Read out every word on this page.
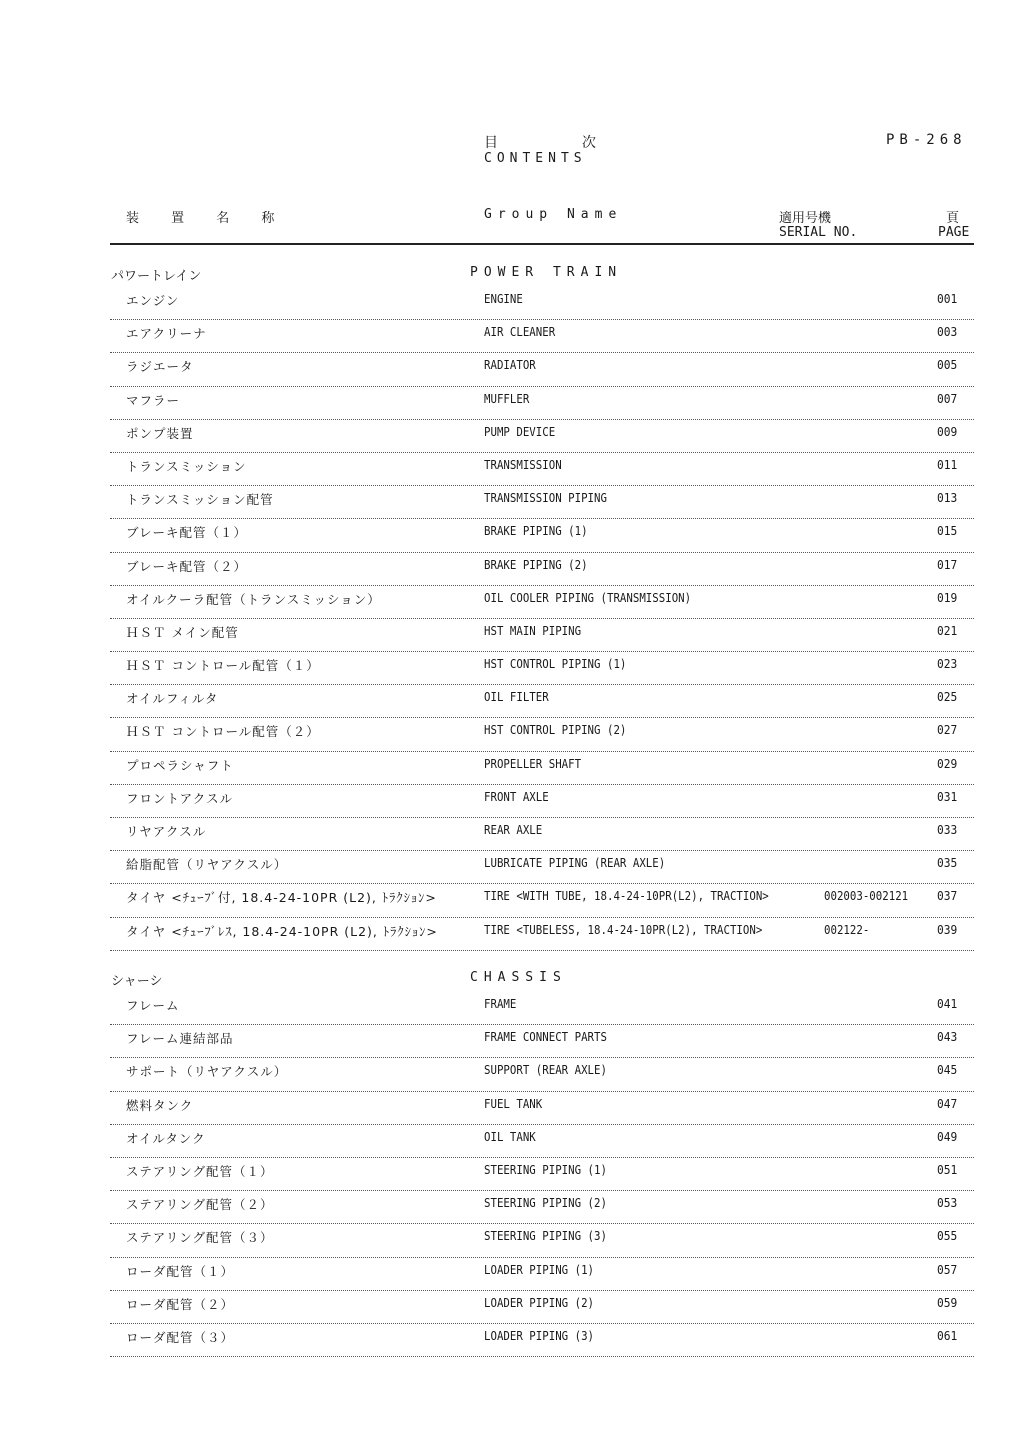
目	次
CONTENTS
PB-268
装 置 名 称	Group Name	適用号機
SERIAL NO.
頁
PAGE
パワートレイン	POWER TRAIN
エンジン	ENGINE	001
エアクリーナ	AIR CLEANER	003
ラジエータ	RADIATOR	005
マフラー	MUFFLER	007
ポンプ装置	PUMP DEVICE	009
トランスミッション	TRANSMISSION	011
トランスミッション配管	TRANSMISSION PIPING	013
ブレーキ配管（１）	BRAKE PIPING (1)	015
ブレーキ配管（２）	BRAKE PIPING (2)	017
オイルクーラ配管（トランスミッション）	OIL COOLER PIPING (TRANSMISSION)	019
ＨＳＴ メイン配管	HST MAIN PIPING	021
ＨＳＴ コントロール配管（１）	HST CONTROL PIPING (1)	023
オイルフィルタ	OIL FILTER	025
ＨＳＴ コントロール配管（２）	HST CONTROL PIPING (2)	027
プロペラシャフト	PROPELLER SHAFT	029
フロントアクスル	FRONT AXLE	031
リヤアクスル	REAR AXLE	033
給脂配管（リヤアクスル）	LUBRICATE PIPING (REAR AXLE)	035
タイヤ <ﾁｭｰﾌﾞ付, 18.4-24-10PR (L2), ﾄﾗｸｼｮﾝ>	TIRE <WITH TUBE, 18.4-24-10PR(L2), TRACTION>	002003-002121 037
タイヤ <ﾁｭｰﾌﾞﾚｽ, 18.4-24-10PR (L2), ﾄﾗｸｼｮﾝ>	TIRE <TUBELESS, 18.4-24-10PR(L2), TRACTION>	002122-	039
シャーシ	CHASSIS
フレーム	FRAME	041
フレーム連結部品	FRAME CONNECT PARTS	043
サポート（リヤアクスル）	SUPPORT (REAR AXLE)	045
燃料タンク	FUEL TANK	047
オイルタンク	OIL TANK	049
ステアリング配管（１）	STEERING PIPING (1)	051
ステアリング配管（２）	STEERING PIPING (2)	053
ステアリング配管（３）	STEERING PIPING (3)	055
ローダ配管（１）	LOADER PIPING (1)	057
ローダ配管（２）	LOADER PIPING (2)	059
ローダ配管（３）	LOADER PIPING (3)	061
